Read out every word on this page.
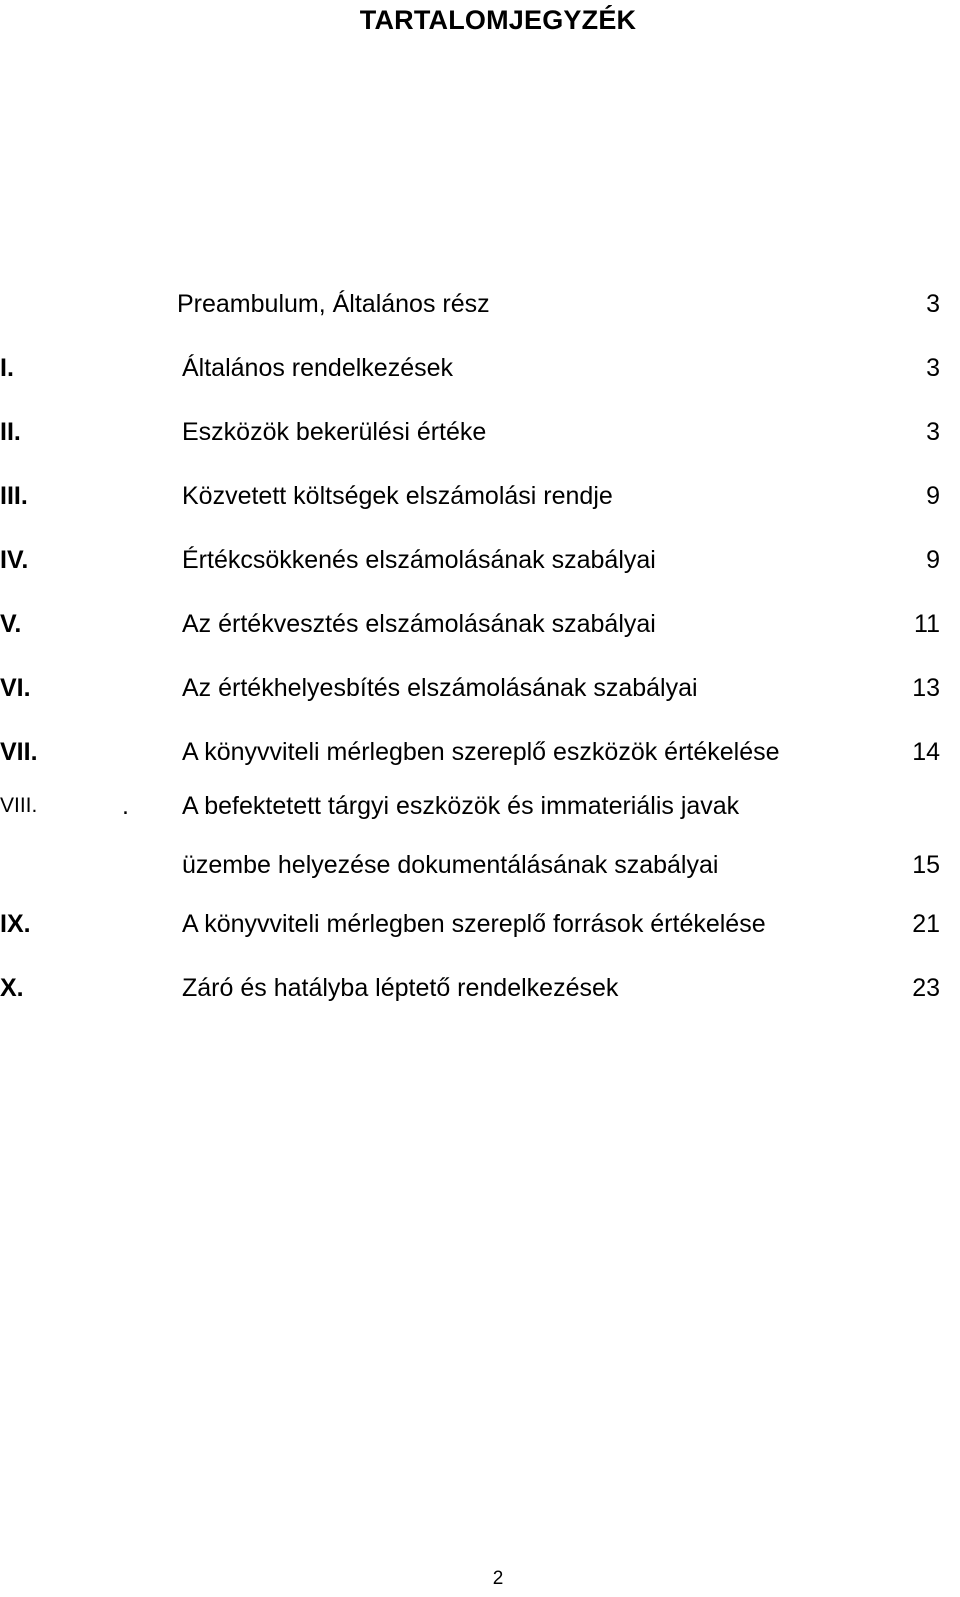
TARTALOMJEGYZÉK
Preambulum, Általános rész	3
I.	Általános rendelkezések	3
II.	Eszközök bekerülési értéke	3
III.	Közvetett költségek elszámolási rendje	9
IV.	Értékcsökkenés elszámolásának szabályai	9
V.	Az értékvesztés elszámolásának szabályai	11
VI.	Az értékhelyesbítés elszámolásának szabályai	13
VII.	A könyvviteli mérlegben szereplő eszközök értékelése	14
VIII.	. A befektetett tárgyi eszközök és immateriális javak
üzembe helyezése dokumentálásának szabályai	15
IX.	A könyvviteli mérlegben szereplő források értékelése	21
X.	Záró és hatályba léptető rendelkezések	23
2
